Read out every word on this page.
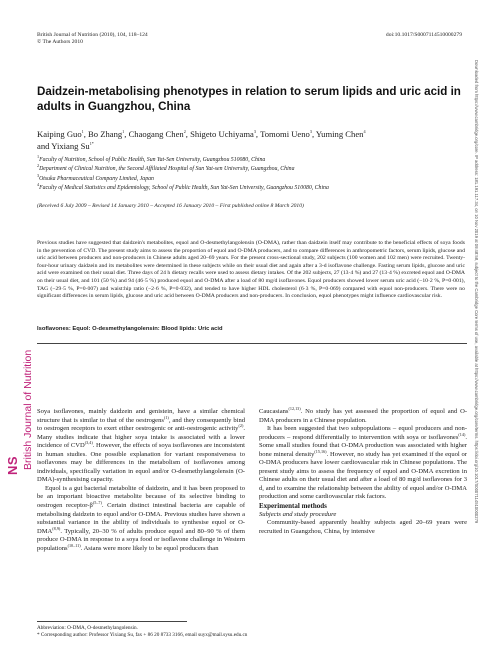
British Journal of Nutrition (2010), 104, 118–124	doi:10.1017/S0007114510000279
© The Authors 2010
Daidzein-metabolising phenotypes in relation to serum lipids and uric acid in adults in Guangzhou, China
Kaiping Guo$^1$, Bo Zhang$^1$, Chaogang Chen$^2$, Shigeto Uchiyama$^3$, Tomomi Ueno$^3$, Yuming Chen$^4$
and Yixiang $Su^{1*}$
$^1$Faculty of Nutrition, School of Public Health, Sun Yat-Sen University, Guangzhou 510080, China
$^2$Department of Clinical Nutrition, the Second Affiliated Hospital of Sun Yat-sen University, Guangzhou, China
$^3$Otsuka Pharmaceutical Company Limited, Japan
$^4$Faculty of Medical Statistics and Epidemiology, School of Public Health, Sun Yat-Sen University, Guangzhou 510080, China
(Received 6 July 2009 – Revised 14 January 2010 – Accepted 16 January 2010 – First published online 8 March 2010)

Previous studies have suggested that daidzein's metabolites, equol and O-desmethylangolensin (O-DMA), rather than daidzein itself may contribute to the beneficial effects of soya foods in the prevention of CVD. The present study aims to assess the proportion of equol and O-DMA producers, and to compare differences in anthropometric factors, serum lipids, glucose and uric acid between producers and non-producers in Chinese adults aged 20–69 years. For the present cross-sectional study, 202 subjects (100 women and 102 men) were recruited. Twenty-four-hour urinary daidzein and its metabolites were determined in these subjects while on their usual diet and again after a 3-d isoflavone challenge. Fasting serum lipids, glucose and uric acid were examined on their usual diet. Three days of 24 h dietary recalls were used to assess dietary intakes. Of the 202 subjects, 27 (13·4 %) and 27 (13·4 %) excreted equol and O-DMA on their usual diet, and 101 (50 %) and 94 (46·5 %) produced equol and O-DMA after a load of 80 mg/d isoflavones. Equol producers showed lower serum uric acid (−10·2 %, P=0·001), TAG (−29·5 %, P=0·007) and waist:hip ratio (−2·6 %, P=0·032), and tended to have higher HDL cholesterol (6·3 %, P=0·069) compared with equol non-producers. There were no significant differences in serum lipids, glucose and uric acid between O-DMA producers and non-producers. In conclusion, equol phenotypes might influence cardiovascular risk.

Isoflavones: Equol: O-desmethylangolensin: Blood lipids: Uric acid

Soya isoflavones, mainly daidzein and genistein, have a similar chemical structure that is similar to that of the oestrogens$^{(1)}$, and they consequently bind to oestrogen receptors to exert either oestrogenic or anti-oestrogenic activity$^{(2)}$. Many studies indicate that higher soya intake is associated with a lower incidence of CVD$^{(3,4)}$. However, the effects of soya isoflavones are inconsistent in human studies. One possible explanation for variant responsiveness to isoflavones may be differences in the metabolism of isoflavones among individuals, specifically variation in equol and/or O-desmethylangolensin (O-DMA)-synthesising capacity.

Equol is a gut bacterial metabolite of daidzein, and it has been proposed to be an important bioactive metabolite because of its selective binding to oestrogen receptor-$\beta^{(5-7)}$. Certain distinct intestinal bacteria are capable of metabolising daidzein to equol and/or O-DMA. Previous studies have shown a substantial variance in the ability of individuals to synthesise equol or O-DMA$^{(8,9)}$. Typically, 20–30 % of adults produce equol and 80–90 % of them produce O-DMA in response to a soya food or isoflavone challenge in Western populations$^{(10-11)}$. Asians were more likely to be equol producers than

Caucasians$^{(12,13)}$. No study has yet assessed the proportion of equol and O-DMA producers in a Chinese population.

It has been suggested that two subpopulations – equol producers and non-producers – respond differentially to intervention with soya or isoflavones$^{(14)}$. Some small studies found that O-DMA production was associated with higher bone mineral density$^{(15,16)}$. However, no study has yet examined if the equol or O-DMA producers have lower cardiovascular risk in Chinese populations. The present study aims to assess the frequency of equol and O-DMA excretion in Chinese adults on their usual diet and after a load of 80 mg/d isoflavones for 3 d, and to examine the relationship between the ability of equol and/or O-DMA production and some cardiovascular risk factors.

Experimental methods

Subjects and study procedure

Community-based apparently healthy subjects aged 20–69 years were recruited in Guangzhou, China, by intensive

Abbreviation: O-DMA, O-desmethylangolensin.
* Corresponding author: Professor Yixiang Su, fax + 86 20 8733 3166, email suyx@mail.sysu.edu.cn
NS British Journal of Nutrition	Downloaded from https://www.cambridge.org/core. IP address: 181.191.117.34, on 10 Nov 2019 at 09:48:58, subject to the Cambridge Core terms of use, available at https://www.cambridge.org/core/terms. https://doi.org/10.1017/S0007114510000279
